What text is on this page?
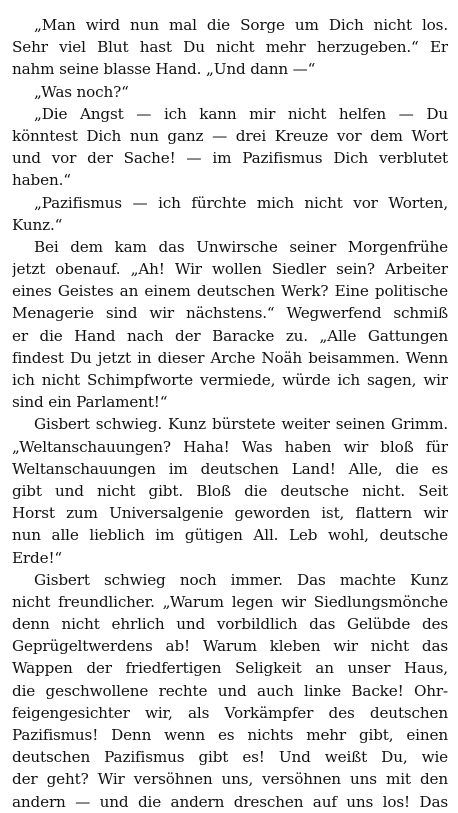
„Man wird nun mal die Sorge um Dich nicht los.
Sehr viel Blut hast Du nicht mehr herzugeben.“ Er
nahm seine blasse Hand. „Und dann —“
„Was noch?“
„Die Angst — ich kann mir nicht helfen — Du
könntest Dich nun ganz — drei Kreuze vor dem Wort
und vor der Sache! — im Pazifismus Dich verblutet
haben.“
„Pazifismus — ich fürchte mich nicht vor Worten,
Kunz.“
Bei dem kam das Unwirsche seiner Morgenfrühe
jetzt obenauf. „Ah! Wir wollen Siedler sein? Arbeiter
eines Geistes an einem deutschen Werk? Eine politische
Menagerie sind wir nächstens.“ Wegwerfend schmiß
er die Hand nach der Baracke zu. „Alle Gattungen
findest Du jetzt in dieser Arche Noäh beisammen. Wenn
ich nicht Schimpfworte vermiede, würde ich sagen, wir
sind ein Parlament!“
Gisbert schwieg. Kunz bürstete weiter seinen Grimm.
„Weltanschauungen? Haha! Was haben wir bloß für
Weltanschauungen im deutschen Land! Alle, die es
gibt und nicht gibt. Bloß die deutsche nicht. Seit
Horst zum Universalgenie geworden ist, flattern wir
nun alle lieblich im gütigen All. Leb wohl, deutsche
Erde!“
Gisbert schwieg noch immer. Das machte Kunz
nicht freundlicher. „Warum legen wir Siedlungsmönche
denn nicht ehrlich und vorbildlich das Gelübde des
Geprügeltwerdens ab! Warum kleben wir nicht das
Wappen der friedfertigen Seligkeit an unser Haus,
die geschwollene rechte und auch linke Backe! Ohr-
feigengesichter wir, als Vorkämpfer des deutschen
Pazifismus! Denn wenn es nichts mehr gibt, einen
deutschen Pazifismus gibt es! Und weißt Du, wie
der geht? Wir versöhnen uns, versöhnen uns mit den
andern — und die andern dreschen auf uns los! Das
